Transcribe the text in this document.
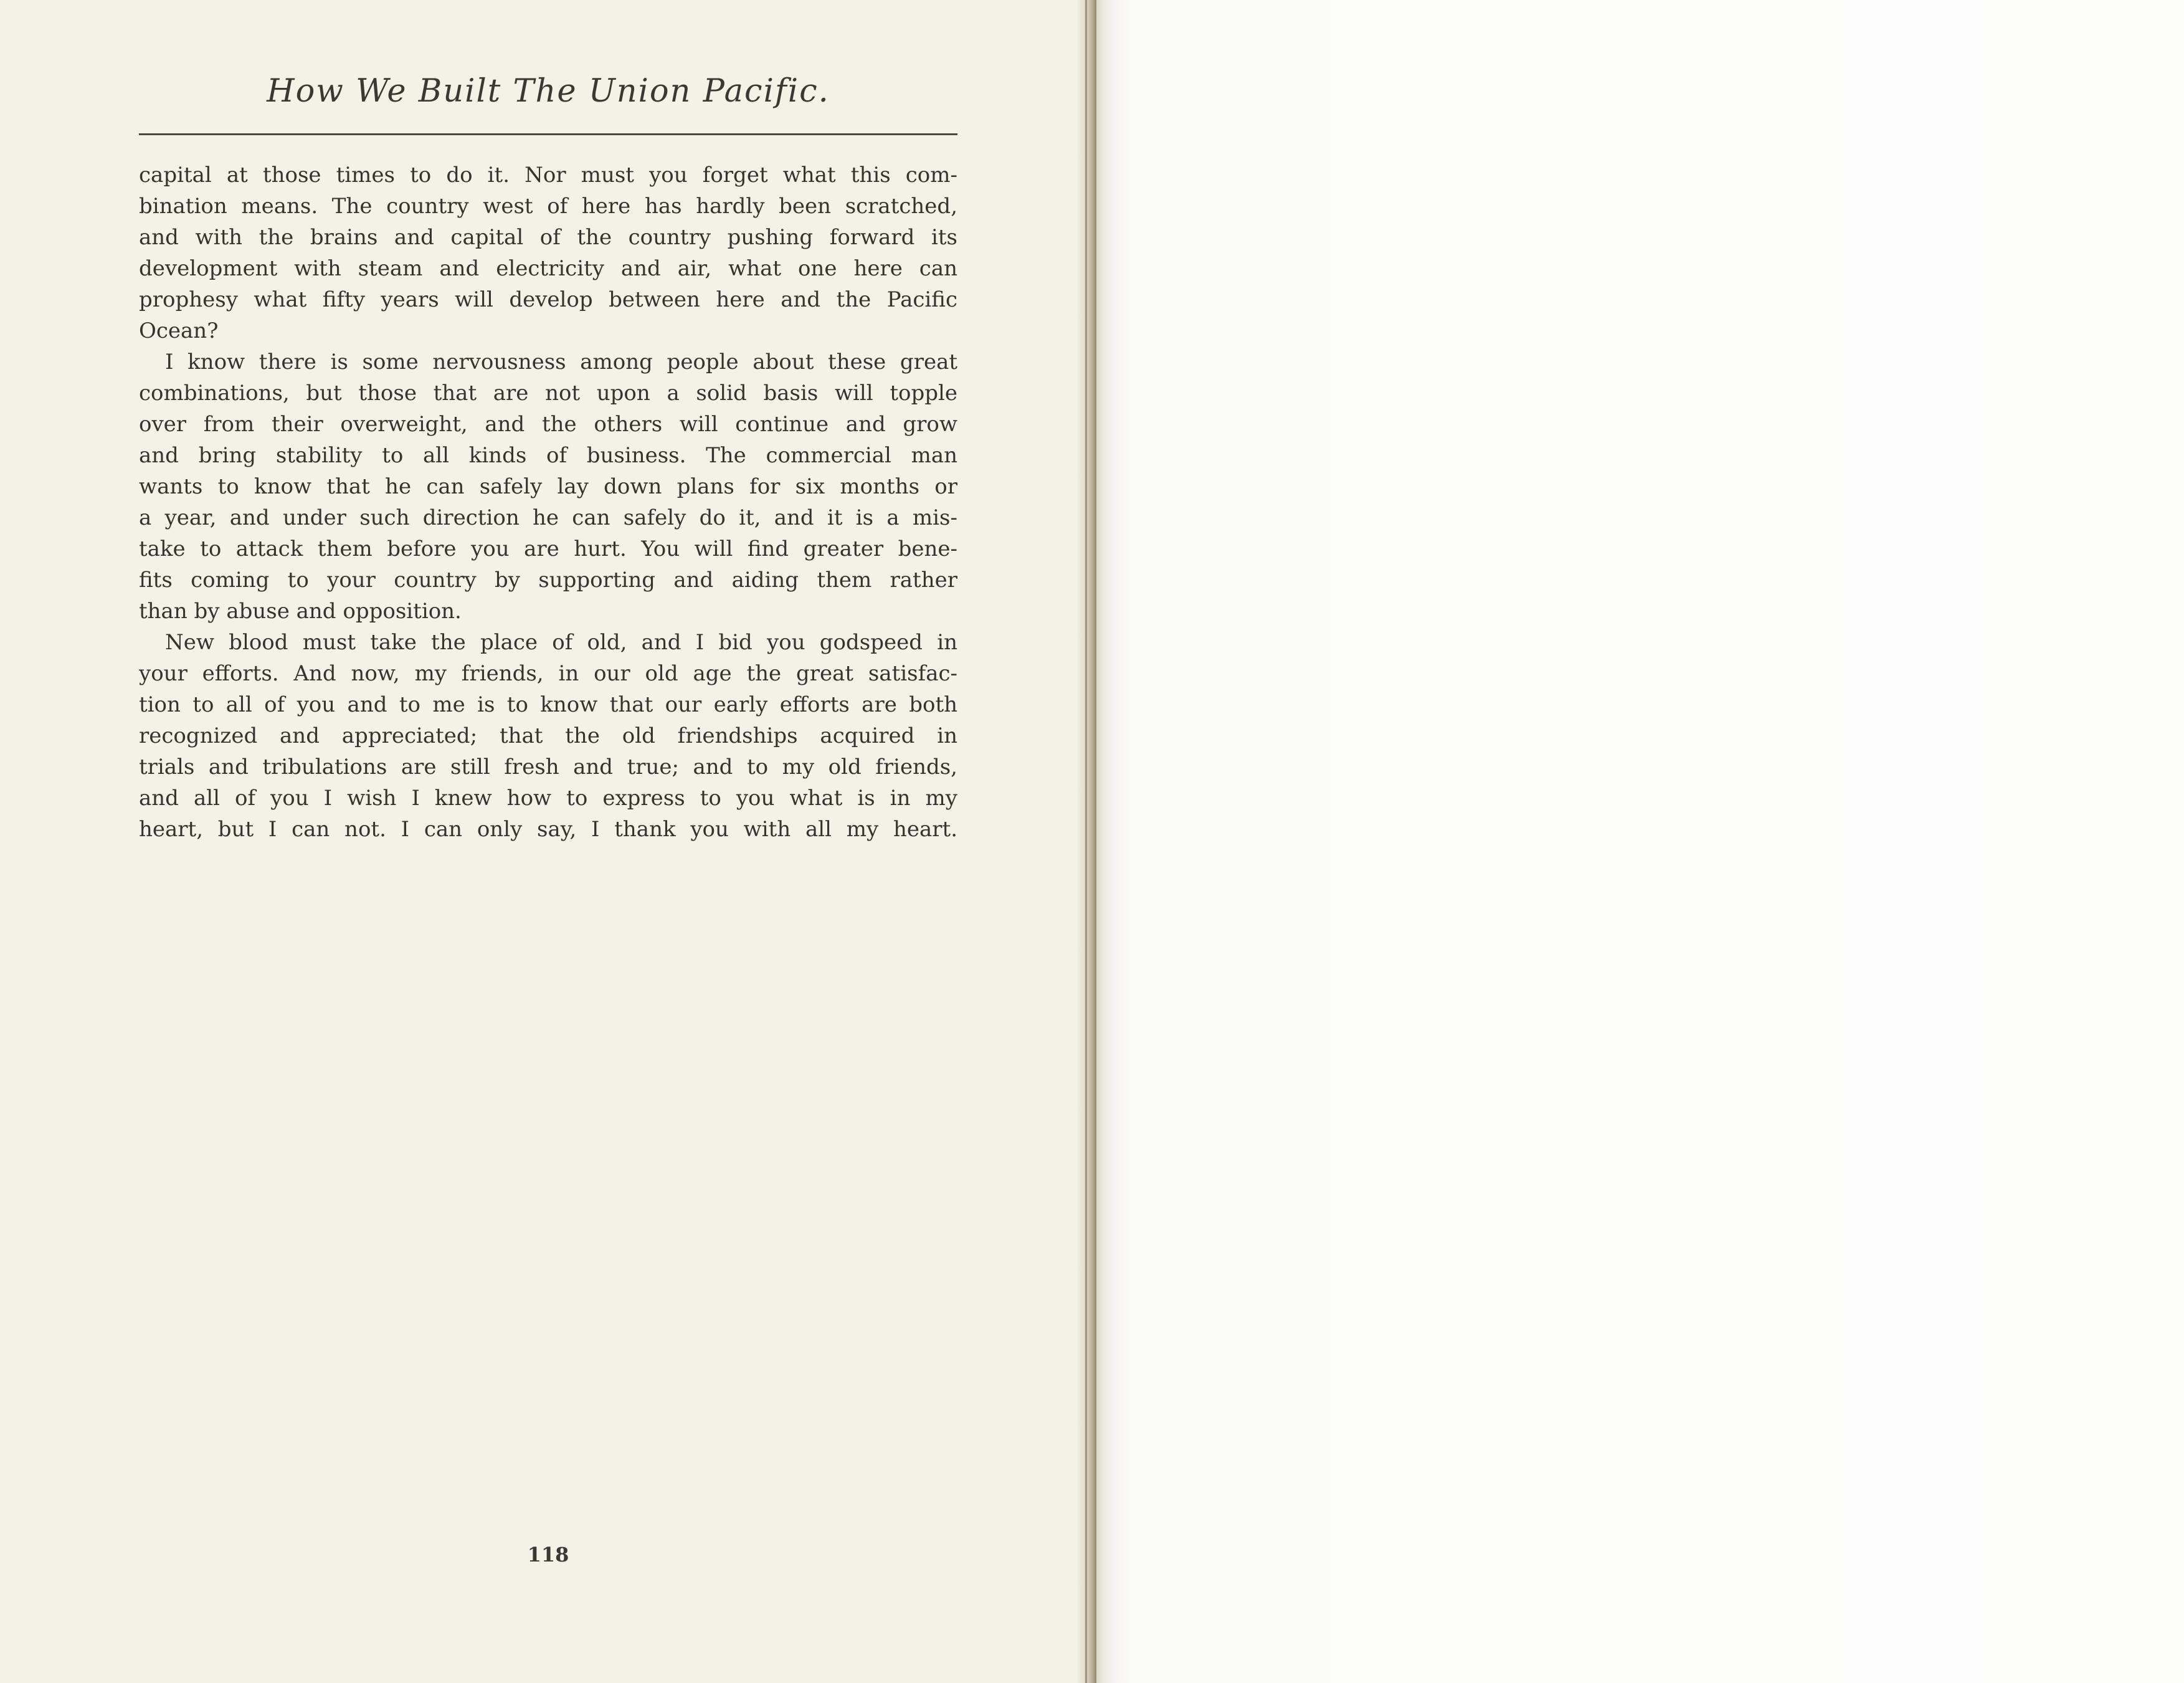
How We Built The Union Pacific.
capital at those times to do it. Nor must you forget what this com-
bination means. The country west of here has hardly been scratched,
and with the brains and capital of the country pushing forward its
development with steam and electricity and air, what one here can
prophesy what fifty years will develop between here and the Pacific
Ocean?
I know there is some nervousness among people about these great
combinations, but those that are not upon a solid basis will topple
over from their overweight, and the others will continue and grow
and bring stability to all kinds of business. The commercial man
wants to know that he can safely lay down plans for six months or
a year, and under such direction he can safely do it, and it is a mis-
take to attack them before you are hurt. You will find greater bene-
fits coming to your country by supporting and aiding them rather
than by abuse and opposition.
New blood must take the place of old, and I bid you godspeed in
your efforts. And now, my friends, in our old age the great satisfac-
tion to all of you and to me is to know that our early efforts are both
recognized and appreciated; that the old friendships acquired in
trials and tribulations are still fresh and true; and to my old friends,
and all of you I wish I knew how to express to you what is in my
heart, but I can not. I can only say, I thank you with all my heart.
118
